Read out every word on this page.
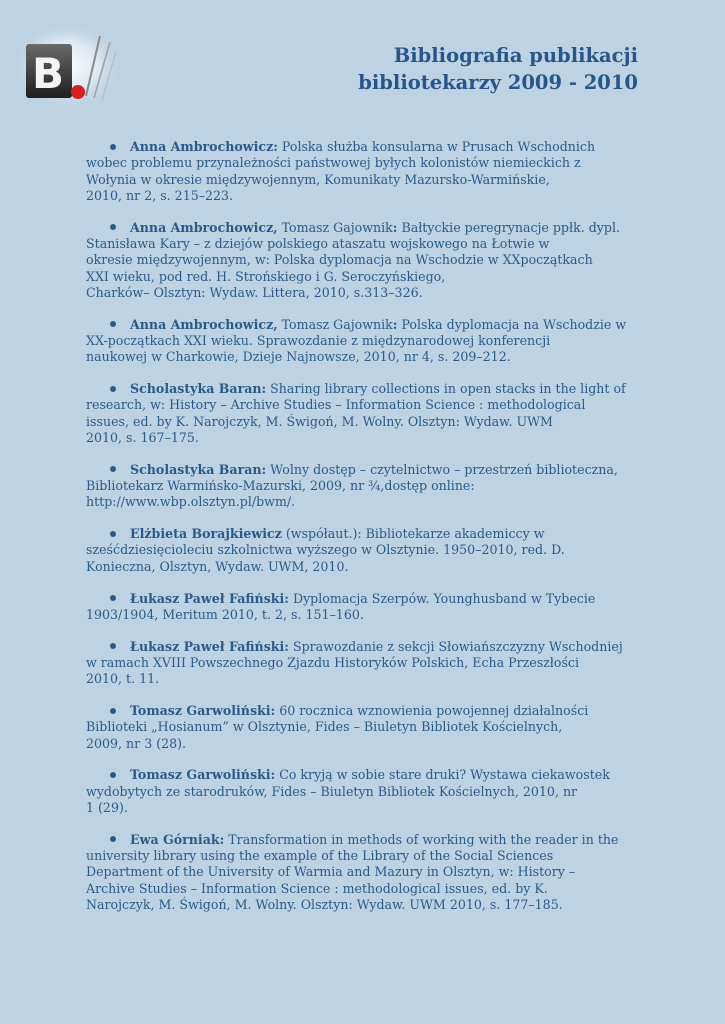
B	Bibliografia publikacji
bibliotekarzy 2009 - 2010
Anna Ambrochowicz: Polska służba konsularna w Prusach Wschodnich
wobec problemu przynależności państwowej byłych kolonistów niemieckich z
Wołynia w okresie międzywojennym, Komunikaty Mazursko-Warmińskie,
2010, nr 2, s. 215–223.
Anna Ambrochowicz, Tomasz Gajownik: Bałtyckie peregrynacje ppłk. dypl.
Stanisława Kary – z dziejów polskiego ataszatu wojskowego na Łotwie w
okresie międzywojennym, w: Polska dyplomacja na Wschodzie w XXpoczątkach
XXI wieku, pod red. H. Strońskiego i G. Seroczyńskiego,
Charków– Olsztyn: Wydaw. Littera, 2010, s.313–326.
Anna Ambrochowicz, Tomasz Gajownik: Polska dyplomacja na Wschodzie w
XX-początkach XXI wieku. Sprawozdanie z międzynarodowej konferencji
naukowej w Charkowie, Dzieje Najnowsze, 2010, nr 4, s. 209–212.
Scholastyka Baran: Sharing library collections in open stacks in the light of
research, w: History – Archive Studies – Information Science : methodological
issues, ed. by K. Narojczyk, M. Świgoń, M. Wolny. Olsztyn: Wydaw. UWM
2010, s. 167–175.
Scholastyka Baran: Wolny dostęp – czytelnictwo – przestrzeń biblioteczna,
Bibliotekarz Warmińsko-Mazurski, 2009, nr ¾,dostęp online:
http://www.wbp.olsztyn.pl/bwm/.
Elżbieta Borajkiewicz (współaut.): Bibliotekarze akademiccy w
sześćdziesięcioleciu szkolnictwa wyższego w Olsztynie. 1950–2010, red. D.
Konieczna, Olsztyn, Wydaw. UWM, 2010.
Łukasz Paweł Fafiński: Dyplomacja Szerpów. Younghusband w Tybecie
1903/1904, Meritum 2010, t. 2, s. 151–160.
Łukasz Paweł Fafiński: Sprawozdanie z sekcji Słowiańszczyzny Wschodniej
w ramach XVIII Powszechnego Zjazdu Historyków Polskich, Echa Przeszłości
2010, t. 11.
Tomasz Garwoliński: 60 rocznica wznowienia powojennej działalności
Biblioteki „Hosianum” w Olsztynie, Fides – Biuletyn Bibliotek Kościelnych,
2009, nr 3 (28).
Tomasz Garwoliński: Co kryją w sobie stare druki? Wystawa ciekawostek
wydobytych ze starodruków, Fides – Biuletyn Bibliotek Kościelnych, 2010, nr
1 (29).
Ewa Górniak: Transformation in methods of working with the reader in the
university library using the example of the Library of the Social Sciences
Department of the University of Warmia and Mazury in Olsztyn, w: History –
Archive Studies – Information Science : methodological issues, ed. by K.
Narojczyk, M. Świgoń, M. Wolny. Olsztyn: Wydaw. UWM 2010, s. 177–185.
